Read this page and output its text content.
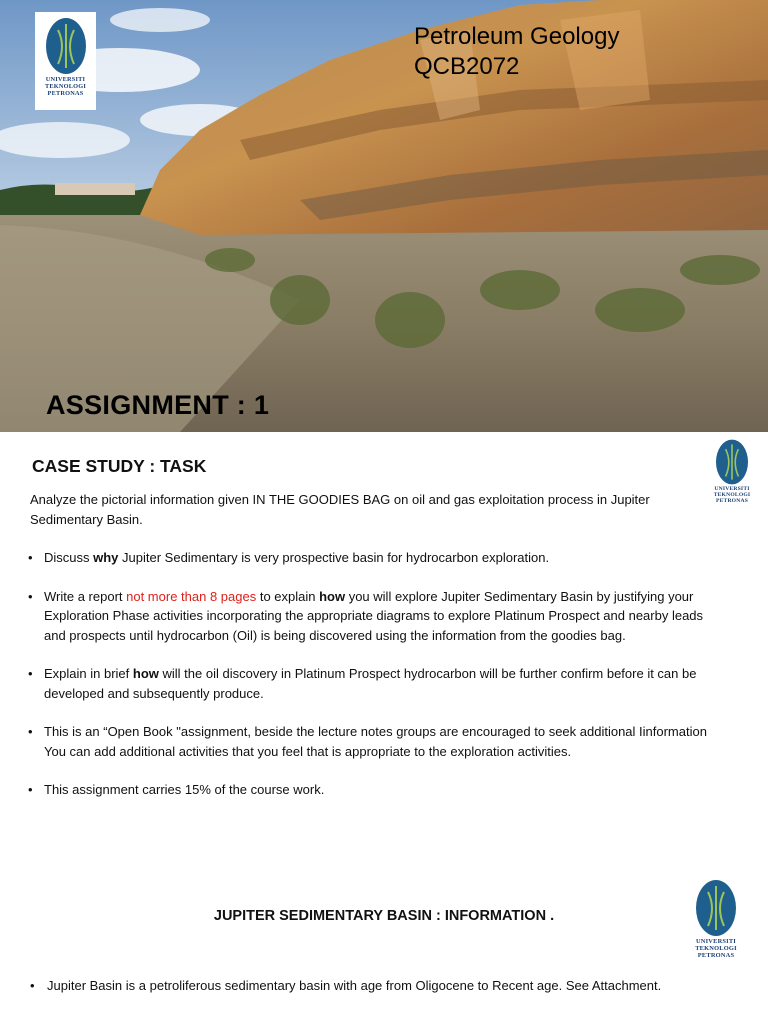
UNIVERSITI
TEKNOLOGI
PETRONAS
Petroleum Geology
QCB2072
ASSIGNMENT : 1
CASE STUDY : TASK
UNIVERSITI
TEKNOLOGI
PETRONAS

Analyze the pictorial information given IN THE GOODIES BAG on oil and gas exploitation process in Jupiter Sedimentary Basin.

• Discuss why Jupiter Sedimentary is very prospective basin for hydrocarbon exploration.
• Write a report not more than 8 pages to explain how you will explore Jupiter Sedimentary Basin by justifying your Exploration Phase activities incorporating the appropriate diagrams to explore Platinum Prospect and nearby leads and prospects until hydrocarbon (Oil) is being discovered using the information from the goodies bag.
• Explain in brief how will the oil discovery in Platinum Prospect hydrocarbon will be further confirm before it can be developed and subsequently produce.
• This is an “Open Book "assignment, beside the lecture notes groups are encouraged to seek additional Iinformation You can add additional activities that you feel that is appropriate to the exploration activities.
• This assignment carries 15% of the course work.
JUPITER SEDIMENTARY BASIN : INFORMATION .
UNIVERSITI
TEKNOLOGI
PETRONAS
• Jupiter Basin is a petroliferous sedimentary basin with age from Oligocene to Recent age. See Attachment.
